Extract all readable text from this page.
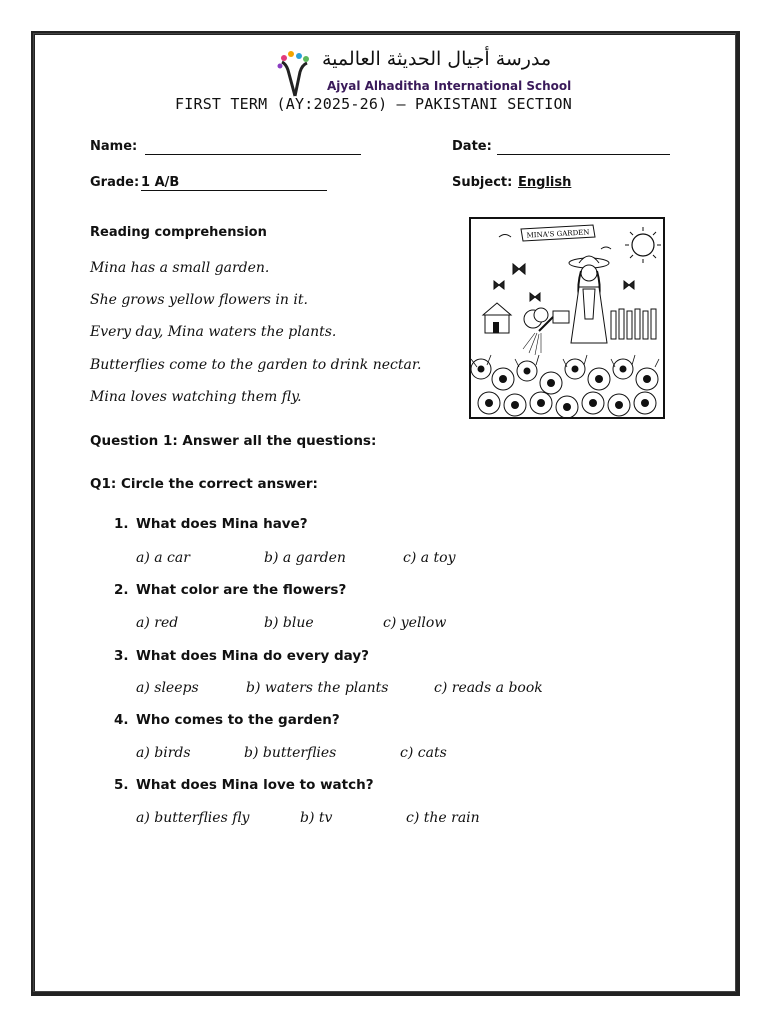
مدرسة أجيال الحديثة العالمية
Ajyal Alhaditha International School
FIRST TERM (AY:2025-26) – PAKISTANI SECTION
Name:	Date:
Grade: 1 A/B	Subject: English
Reading comprehension
Mina has a small garden.
She grows yellow flowers in it.
Every day, Mina waters the plants.
Butterflies come to the garden to drink nectar.
Mina loves watching them fly.
MINA'S GARDEN
Question 1: Answer all the questions:
Q1: Circle the correct answer:
1. What does Mina have?
a) a car	b) a garden	c) a toy
2. What color are the flowers?
a) red	b) blue	c) yellow
3. What does Mina do every day?
a) sleeps	b) waters the plants	c) reads a book
4. Who comes to the garden?
a) birds	b) butterflies	c) cats
5. What does Mina love to watch?
a) butterflies fly	b) tv	c) the rain
